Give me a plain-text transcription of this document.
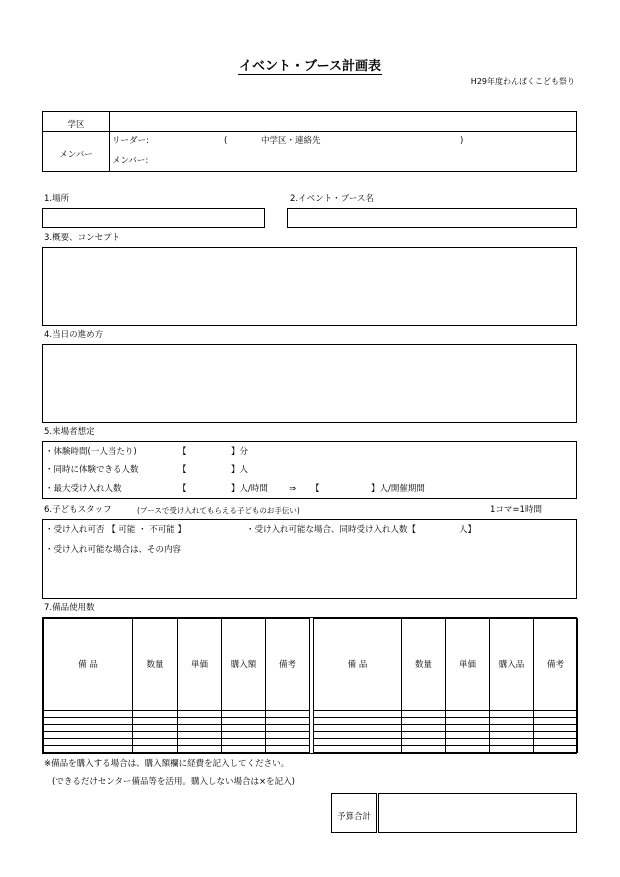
イベント・ブース計画表
H29年度わんぱくこども祭り
学区	
メンバー	リーダー: ( 中学区・連絡先 )
メンバー:
1.場所	2.イベント・ブース名
3.概要、コンセプト
4.当日の進め方
5.来場者想定
・体験時間(一人当たり)	【	】分
・同時に体験できる人数	【	】人
・最大受け入れ人数	【	】人/時間 ⇒ 【	】人/開催期間
6.子どもスタッフ	(ブースで受け入れてもらえる子どものお手伝い)	1コマ=1時間
・受け入れ可否 【 可能 ・ 不可能 】	・受け入れ可能な場合、同時受け入れ人数【	人】
・受け入れ可能な場合は、その内容
7.備品使用数
備 品	数量	単価	購入額	備考		備 品	数量	単価	購入品	備考

※備品を購入する場合は、購入額欄に経費を記入してください。
(できるだけセンター備品等を活用。購入しない場合は×を記入)
予算合計	
